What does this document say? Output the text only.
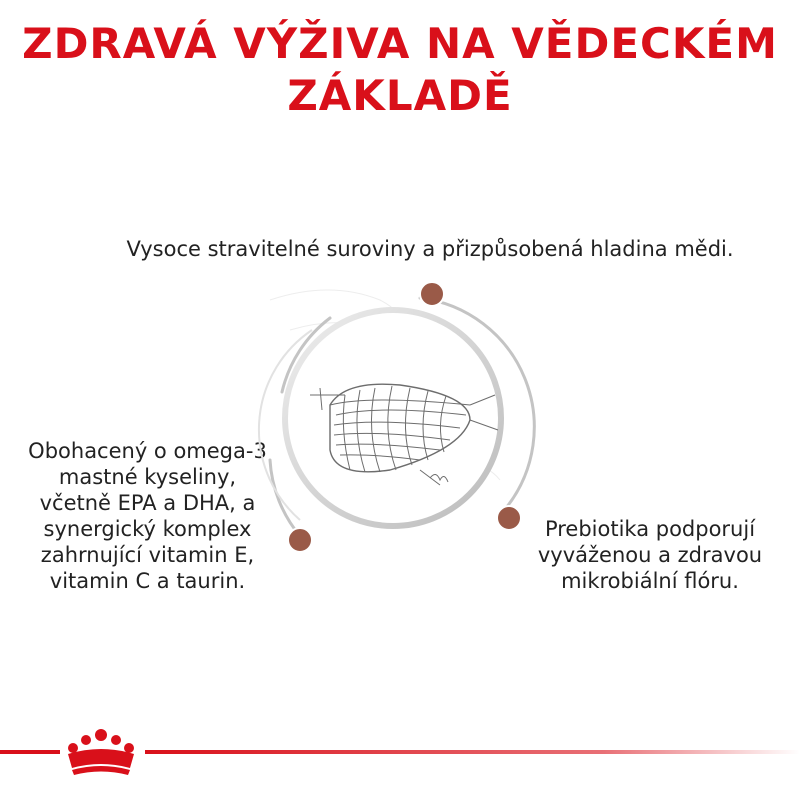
ZDRAVÁ VÝŽIVA NA VĚDECKÉM
ZÁKLADĚ
Vysoce stravitelné suroviny a přizpůsobená hladina mědi.
Obohacený o omega-3 mastné kyseliny, včetně EPA a DHA, a synergický komplex zahrnující vitamin E, vitamin C a taurin.
Prebiotika podporují vyváženou a zdravou mikrobiální flóru.
